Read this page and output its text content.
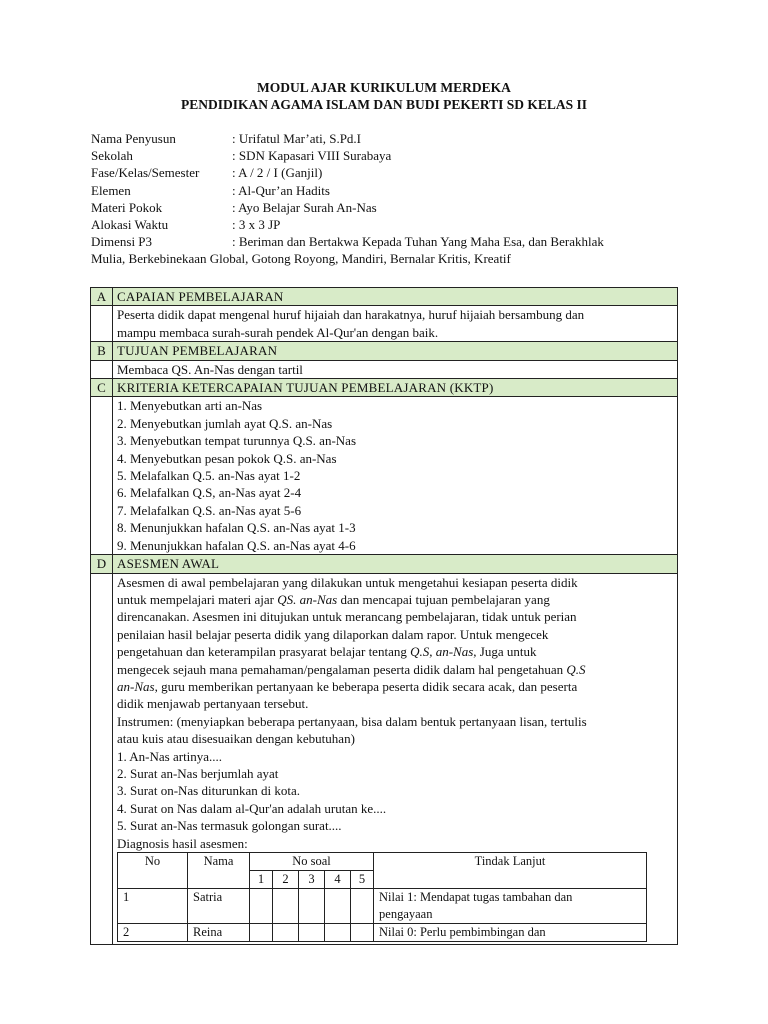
MODUL AJAR KURIKULUM MERDEKA
PENDIDIKAN AGAMA ISLAM DAN BUDI PEKERTI SD KELAS II
Nama Penyusun	: Urifatul Mar’ati, S.Pd.I
Sekolah	: SDN Kapasari VIII Surabaya
Fase/Kelas/Semester	: A / 2 / I (Ganjil)
Elemen	: Al-Qur’an Hadits
Materi Pokok	: Ayo Belajar Surah An-Nas
Alokasi Waktu	: 3 x 3 JP
Dimensi P3	: Beriman dan Bertakwa Kepada Tuhan Yang Maha Esa, dan Berakhlak
Mulia, Berkebinekaan Global, Gotong Royong, Mandiri, Bernalar Kritis, Kreatif
A	CAPAIAN PEMBELAJARAN

Peserta didik dapat mengenal huruf hijaiah dan harakatnya, huruf hijaiah bersambung dan
mampu membaca surah-surah pendek Al-Qur'an dengan baik.

B	TUJUAN PEMBELAJARAN
	Membaca QS. An-Nas dengan tartil
C	KRITERIA KETERCAPAIAN TUJUAN PEMBELAJARAN (KKTP)

1. Menyebutkan arti an-Nas
2. Menyebutkan jumlah ayat Q.S. an-Nas
3. Menyebutkan tempat turunnya Q.S. an-Nas
4. Menyebutkan pesan pokok Q.S. an-Nas
5. Melafalkan Q.5. an-Nas ayat 1-2
6. Melafalkan Q.S, an-Nas ayat 2-4
7. Melafalkan Q.S. an-Nas ayat 5-6
8. Menunjukkan hafalan Q.S. an-Nas ayat 1-3
9. Menunjukkan hafalan Q.S. an-Nas ayat 4-6

D	ASESMEN AWAL

Asesmen di awal pembelajaran yang dilakukan untuk mengetahui kesiapan peserta didik
untuk mempelajari materi ajar QS. an-Nas dan mencapai tujuan pembelajaran yang
direncanakan. Asesmen ini ditujukan untuk merancang pembelajaran, tidak untuk perian
penilaian hasil belajar peserta didik yang dilaporkan dalam rapor. Untuk mengecek
pengetahuan dan keterampilan prasyarat belajar tentang Q.S, an-Nas, Juga untuk
mengecek sejauh mana pemahaman/pengalaman peserta didik dalam hal pengetahuan Q.S
an-Nas, guru memberikan pertanyaan ke beberapa peserta didik secara acak, dan peserta
didik menjawab pertanyaan tersebut.
Instrumen: (menyiapkan beberapa pertanyaan, bisa dalam bentuk pertanyaan lisan, tertulis
atau kuis atau disesuaikan dengan kebutuhan)
1. An-Nas artinya....
2. Surat an-Nas berjumlah ayat
3. Surat on-Nas diturunkan di kota.
4. Surat on Nas dalam al-Qur'an adalah urutan ke....
5. Surat an-Nas termasuk golongan surat....
Diagnosis hasil asesmen:
No	Nama	No soal	Tindak Lanjut
1	2	3	4	5
1	Satria						Nilai 1: Mendapat tugas tambahan dan
pengayaan

2	Reina						Nilai 0: Perlu pembimbingan dan
